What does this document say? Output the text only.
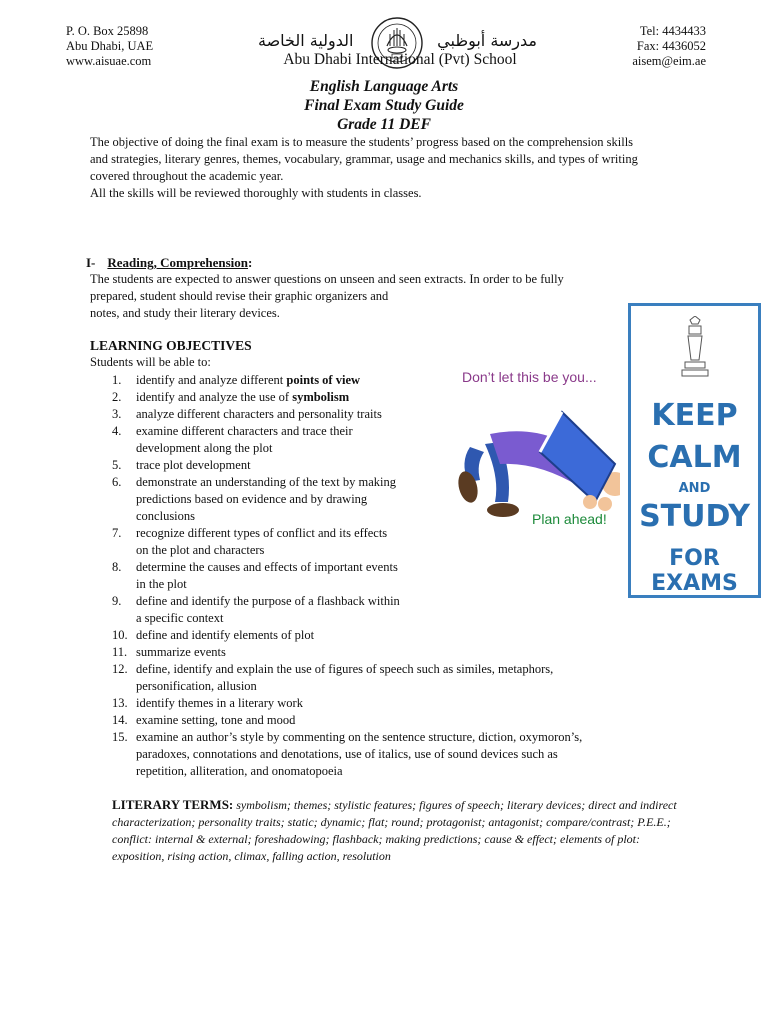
P. O. Box 25898
Abu Dhabi, UAE
www.aisuae.com
الدولية الخاصة	مدرسة أبوظبي
Abu Dhabi International (Pvt) School
Tel: 4434433
Fax: 4436052
aisem@eim.ae
English Language Arts
Final Exam Study Guide
Grade 11 DEF

The objective of doing the final exam is to measure the students’ progress based on the comprehension skills and strategies, literary genres, themes, vocabulary, grammar, usage and mechanics skills, and types of writing covered throughout the academic year.

All the skills will be reviewed thoroughly with students in classes.

I- Reading, Comprehension:

The students are expected to answer questions on unseen and seen extracts. In order to be fully

prepared, student should revise their graphic organizers and

notes, and study their literary devices.

LEARNING OBJECTIVES
Students will be able to:
1. identify and analyze different points of view
2. identify and analyze the use of symbolism
3. analyze different characters and personality traits
4. examine different characters and trace their
development along the plot
5. trace plot development
6. demonstrate an understanding of the text by making
predictions based on evidence and by drawing
conclusions
7. recognize different types of conflict and its effects
on the plot and characters
8. determine the causes and effects of important events
in the plot
9. define and identify the purpose of a flashback within
a specific context
10. define and identify elements of plot
11. summarize events
12. define, identify and explain the use of figures of speech such as similes, metaphors,
personification, allusion
13. identify themes in a literary work
14. examine setting, tone and mood
15. examine an author’s style by commenting on the sentence structure, diction, oxymoron’s,
paradoxes, connotations and denotations, use of italics, use of sound devices such as
repetition, alliteration, and onomatopoeia
Don’t let this be you...
Plan ahead!
KEEP
CALM
AND
STUDY
FOR EXAMS
LITERARY TERMS: symbolism; themes; stylistic features; figures of speech; literary devices; direct and indirect characterization; personality traits; static; dynamic; flat; round; protagonist; antagonist; compare/contrast; P.E.E.; conflict: internal & external; foreshadowing; flashback; making predictions; cause & effect; elements of plot: exposition, rising action, climax, falling action, resolution
